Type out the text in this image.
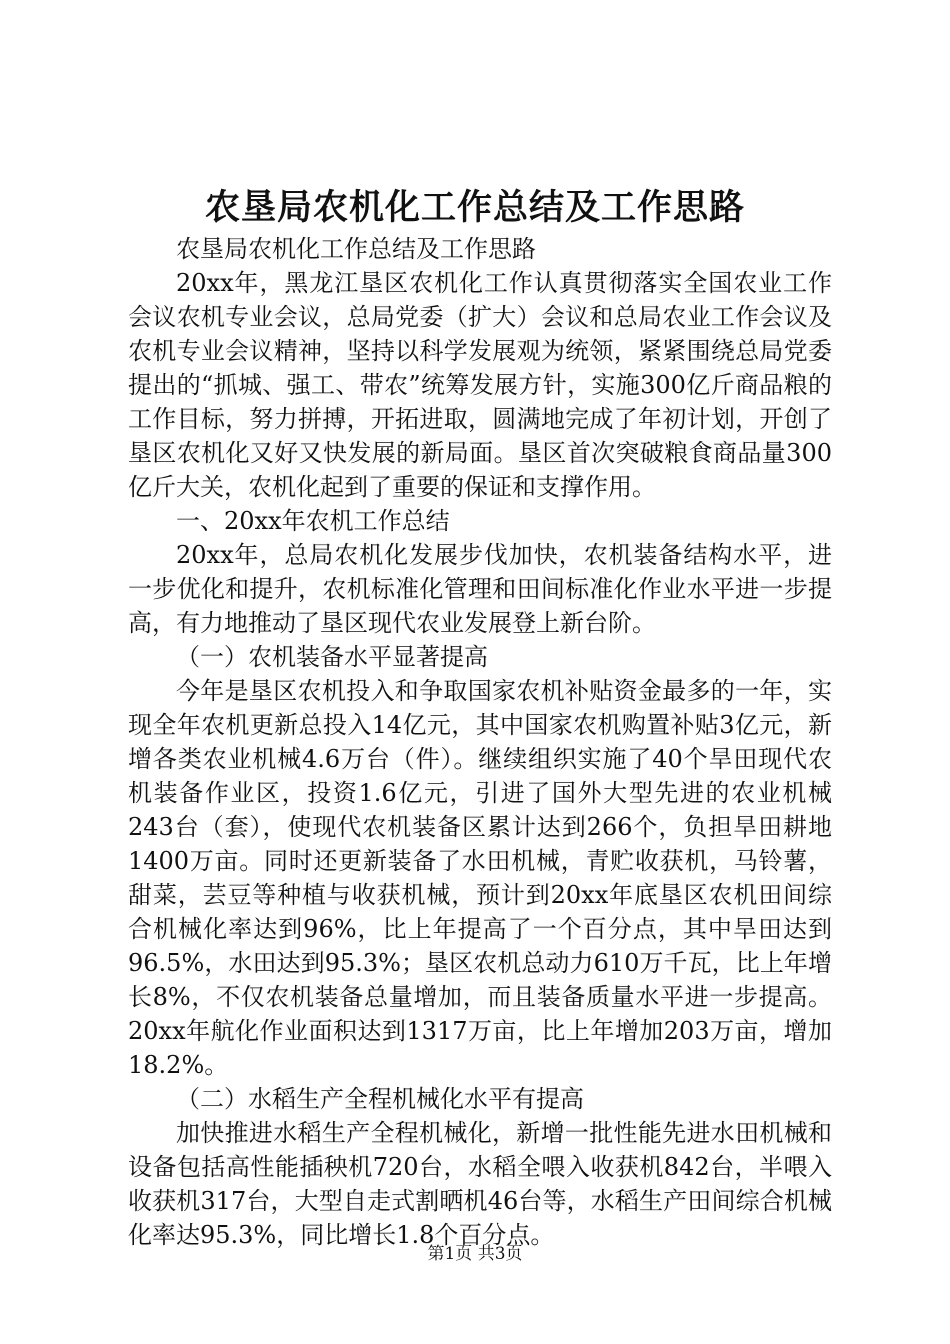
农垦局农机化工作总结及工作思路

农垦局农机化工作总结及工作思路

20xx年，黑龙江垦区农机化工作认真贯彻落实全国农业工作会议农机专业会议，总局党委（扩大）会议和总局农业工作会议及农机专业会议精神，坚持以科学发展观为统领，紧紧围绕总局党委提出的“抓城、强工、带农”统筹发展方针，实施300亿斤商品粮的工作目标，努力拼搏，开拓进取，圆满地完成了年初计划，开创了垦区农机化又好又快发展的新局面。垦区首次突破粮食商品量300亿斤大关，农机化起到了重要的保证和支撑作用。

一、20xx年农机工作总结

20xx年，总局农机化发展步伐加快，农机装备结构水平，进一步优化和提升，农机标准化管理和田间标准化作业水平进一步提高，有力地推动了垦区现代农业发展登上新台阶。

（一）农机装备水平显著提高

今年是垦区农机投入和争取国家农机补贴资金最多的一年，实现全年农机更新总投入14亿元，其中国家农机购置补贴3亿元，新增各类农业机械4.6万台（件）。继续组织实施了40个旱田现代农机装备作业区，投资1.6亿元，引进了国外大型先进的农业机械243台（套），使现代农机装备区累计达到266个，负担旱田耕地1400万亩。同时还更新装备了水田机械，青贮收获机，马铃薯，甜菜，芸豆等种植与收获机械，预计到20xx年底垦区农机田间综合机械化率达到96%，比上年提高了一个百分点，其中旱田达到96.5%，水田达到95.3%；垦区农机总动力610万千瓦，比上年增长8%，不仅农机装备总量增加，而且装备质量水平进一步提高。20xx年航化作业面积达到1317万亩，比上年增加203万亩，增加18.2%。

（二）水稻生产全程机械化水平有提高

加快推进水稻生产全程机械化，新增一批性能先进水田机械和设备包括高性能插秧机720台，水稻全喂入收获机842台，半喂入收获机317台，大型自走式割晒机46台等，水稻生产田间综合机械化率达95.3%，同比增长1.8个百分点。

第1页 共3页
